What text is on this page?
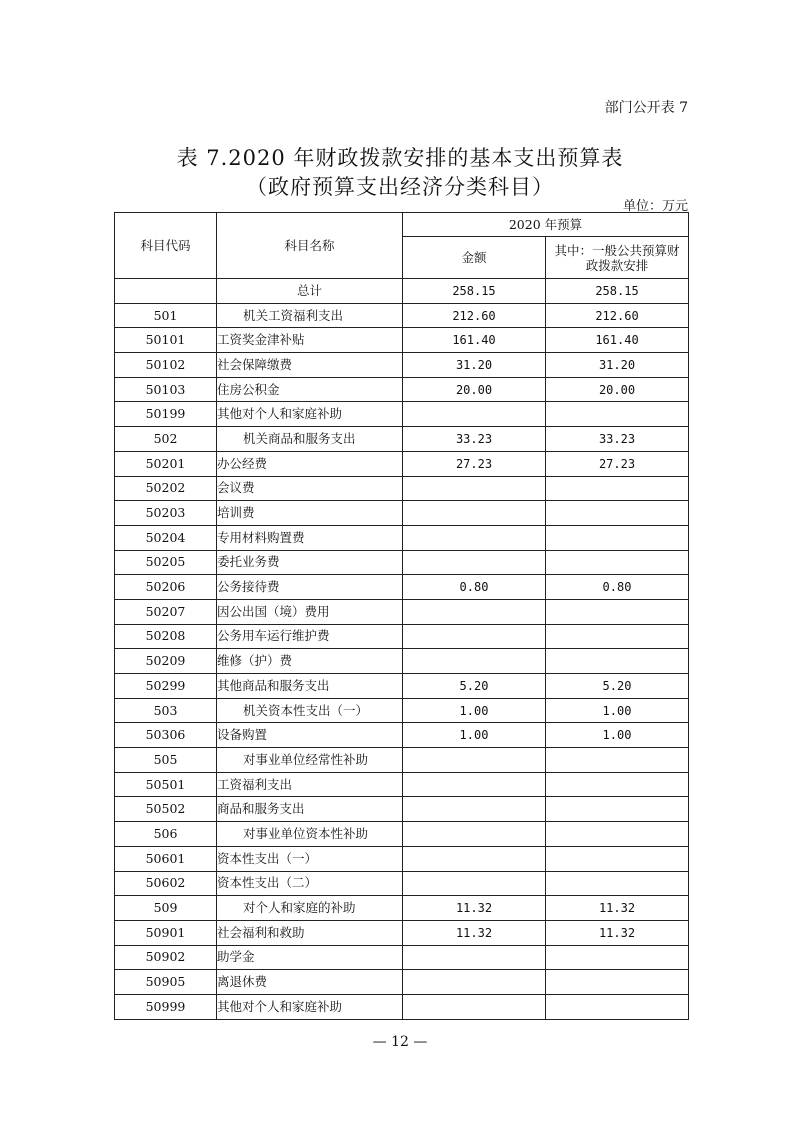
部门公开表 7
表 7.2020 年财政拨款安排的基本支出预算表
（政府预算支出经济分类科目）
单位：万元
科目代码	科目名称	2020 年预算	
		金额	其中：一般公共预算财
政拨款安排

	总计	258.15	258.15
501	机关工资福利支出	212.60	212.60
50101	工资奖金津补贴	161.40	161.40
50102	社会保障缴费	31.20	31.20
50103	住房公积金	20.00	20.00
50199	其他对个人和家庭补助		
502	机关商品和服务支出	33.23	33.23
50201	办公经费	27.23	27.23
50202	会议费		
50203	培训费		
50204	专用材料购置费		
50205	委托业务费		
50206	公务接待费	0.80	0.80
50207	因公出国（境）费用		
50208	公务用车运行维护费		
50209	维修（护）费		
50299	其他商品和服务支出	5.20	5.20
503	机关资本性支出（一）	1.00	1.00
50306	设备购置	1.00	1.00
505	对事业单位经常性补助		
50501	工资福利支出		
50502	商品和服务支出		
506	对事业单位资本性补助		
50601	资本性支出（一）		
50602	资本性支出（二）		
509	对个人和家庭的补助	11.32	11.32
50901	社会福利和救助	11.32	11.32
50902	助学金		
50905	离退休费		
50999	其他对个人和家庭补助		
— 12 —
